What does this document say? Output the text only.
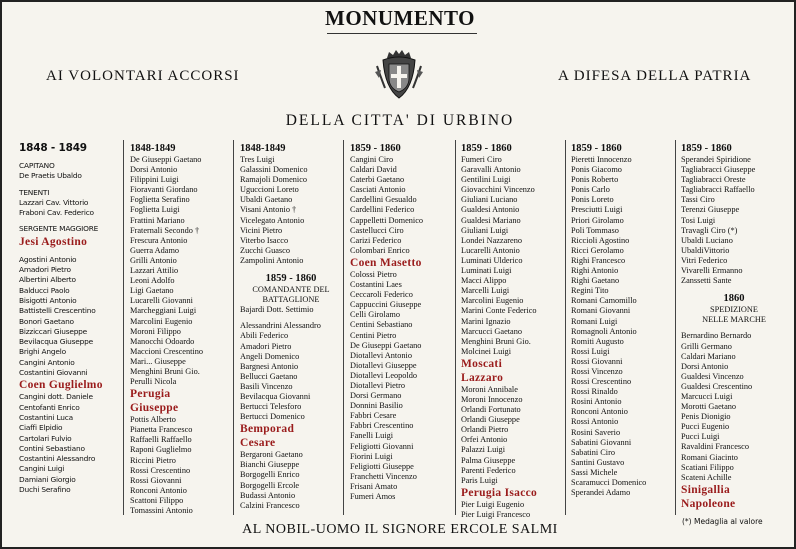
MONUMENTO
AI VOLONTARI ACCORSI	A DIFESA DELLA PATRIA
DELLA CITTA' DI URBINO
1848 - 1849
CAPITANO
De Praetis Ubaldo
TENENTI
Lazzari Cav. Vittorio
Fraboni Cav. Federico
SERGENTE MAGGIORE
Jesi Agostino
Agostini Antonio
Amadori Pietro
Albertini Alberto
Balducci Paolo
Bisigotti Antonio
Battistelli Crescentino
Bonori Gaetano
Bizziccari Giuseppe
Bevilacqua Giuseppe
Brighi Angelo
Cangini Antonio
Costantini Giovanni
Coen Guglielmo
Cangini dott. Daniele
Centofanti Enrico
Costantini Luca
Ciaffi Elpidio
Cartolari Fulvio
Contini Sebastiano
Costantini Alessandro
Cangini Luigi
Damiani Giorgio
Duchi Serafino
1848-1849
De Giuseppi Gaetano
Dorsi Antonio
Filippini Luigi
Fioravanti Giordano
Foglietta Serafino
Foglietta Luigi
Frattini Mariano
Fraternali Secondo †
Frescura Antonio
Guerra Adamo
Grilli Antonio
Lazzari Attilio
Leoni Adolfo
Ligi Gaetano
Lucarelli Giovanni
Marcheggiani Luigi
Marcolini Eugenio
Moroni Filippo
Manocchi Odoardo
Maccioni Crescentino
Mari... Giuseppe
Menghini Bruni Gio.
Perulli Nicola
Perugia
Giuseppe
Pottis Alberto
Pianetta Francesco
Raffaelli Raffaello
Raponi Guglielmo
Riccini Pietro
Rossi Crescentino
Rossi Giovanni
Ronconi Antonio
Scattoni Filippo
Tomassini Antonio
1848-1849
Tres Luigi
Galassini Domenico
Ramajoli Domenico
Uguccioni Loreto
Ubaldi Gaetano
Visani Antonio †
Vicelegato Antonio
Vicini Pietro
Viterbo Isacco
Zucchi Guasco
Zampolini Antonio
1859 - 1860
COMANDANTE DEL
BATTAGLIONE
Bajardi Dott. Settimio
Alessandrini Alessandro
Abili Federico
Amadori Pietro
Angeli Domenico
Bargnesi Antonio
Bellucci Gaetano
Basili Vincenzo
Bevilacqua Giovanni
Bertucci Telesforo
Bertucci Domenico
Bemporad
Cesare
Bergaroni Gaetano
Bianchi Giuseppe
Borgogelli Enrico
Borgogelli Ercole
Budassi Antonio
Calzini Francesco
1859 - 1860
Cangini Ciro
Caldari David
Caterbi Gaetano
Casciati Antonio
Cardellini Gesualdo
Cardellini Federico
Cappelletti Domenico
Castellucci Ciro
Carizi Federico
Colombari Enrico
Coen Masetto
Colossi Pietro
Costantini Laes
Ceccaroli Federico
Cappuccini Giuseppe
Celli Girolamo
Centini Sebastiano
Centini Pietro
De Giuseppi Gaetano
Diotallevi Antonio
Diotallevi Giuseppe
Diotallevi Leopoldo
Diotallevi Pietro
Dorsi Germano
Donnini Basilio
Fabbri Cesare
Fabbri Crescentino
Fanelli Luigi
Feligiotti Giovanni
Fiorini Luigi
Feligiotti Giuseppe
Franchetti Vincenzo
Frisani Amato
Fumeri Amos
1859 - 1860
Fumeri Ciro
Garavalli Antonio
Gentilini Luigi
Giovacchini Vincenzo
Giuliani Luciano
Gualdesi Antonio
Gualdesi Mariano
Giuliani Luigi
Londei Nazzareno
Lucarelli Antonio
Luminati Ulderico
Luminati Luigi
Macci Alippo
Marcelli Luigi
Marcolini Eugenio
Marini Conte Federico
Marini Ignazio
Marcucci Gaetano
Menghini Bruni Gio.
Molcinei Luigi
Moscati
Lazzaro
Moroni Annibale
Moroni Innocenzo
Orlandi Fortunato
Orlandi Giuseppe
Orlandi Pietro
Orfei Antonio
Palazzi Luigi
Palma Giuseppe
Parenti Federico
Paris Luigi
Perugia Isacco
Pier Luigi Eugenio
Pier Luigi Francesco
1859 - 1860
Pieretti Innocenzo
Ponis Giacomo
Ponis Roberto
Ponis Carlo
Ponis Loreto
Presciutti Luigi
Priori Girolamo
Poli Tommaso
Riccioli Agostino
Ricci Gerolamo
Righi Francesco
Righi Antonio
Righi Gaetano
Regini Tito
Romani Camomillo
Romani Giovanni
Romani Luigi
Romagnoli Antonio
Romiti Augusto
Rossi Luigi
Rossi Giovanni
Rossi Vincenzo
Rossi Crescentino
Rossi Rinaldo
Rosini Antonio
Ronconi Antonio
Rossi Antonio
Rosini Saverio
Sabatini Giovanni
Sabatini Ciro
Santini Gustavo
Sassi Michele
Scaramucci Domenico
Sperandei Adamo
1859 - 1860
Sperandei Spiridione
Tagliabracci Giuseppe
Tagliabracci Oreste
Tagliabracci Raffaello
Tassi Ciro
Terenzi Giuseppe
Tosi Luigi
Travagli Ciro (*)
Ubaldi Luciano
UbaldiVittorio
Vitri Federico
Vivarelli Ermanno
Zanssetti Sante
1860
SPEDIZIONE
NELLE MARCHE
Bernardino Bernardo
Grilli Germano
Caldari Mariano
Dorsi Antonio
Gualdesi Vincenzo
Gualdesi Crescentino
Marcucci Luigi
Morotti Gaetano
Penis Dionigio
Pucci Eugenio
Pucci Luigi
Ravaldini Francesco
Romani Giacinto
Scatiani Filippo
Scateni Achille
Sinigallia
Napoleone
AL NOBIL-UOMO IL SIGNORE ERCOLE SALMI
(*) Medaglia al valore
